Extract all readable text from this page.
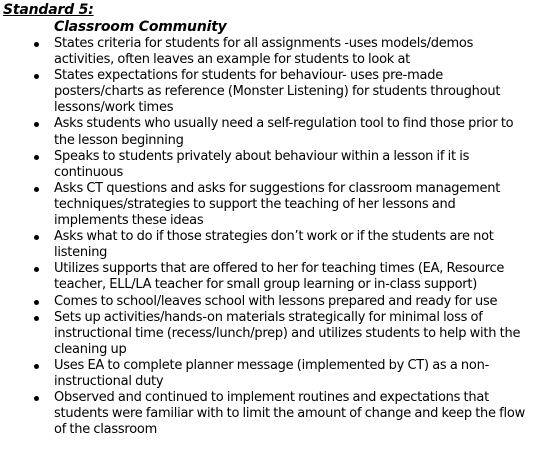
Standard 5:
Classroom Community
States criteria for students for all assignments -uses models/demos activities, often leaves an example for students to look at
States expectations for students for behaviour- uses pre-made posters/charts as reference (Monster Listening) for students throughout lessons/work times
Asks students who usually need a self-regulation tool to find those prior to the lesson beginning
Speaks to students privately about behaviour within a lesson if it is continuous
Asks CT questions and asks for suggestions for classroom management techniques/strategies to support the teaching of her lessons and implements these ideas
Asks what to do if those strategies don’t work or if the students are not listening
Utilizes supports that are offered to her for teaching times (EA, Resource teacher, ELL/LA teacher for small group learning or in-class support)
Comes to school/leaves school with lessons prepared and ready for use
Sets up activities/hands-on materials strategically for minimal loss of instructional time (recess/lunch/prep) and utilizes students to help with the cleaning up
Uses EA to complete planner message (implemented by CT) as a non-instructional duty
Observed and continued to implement routines and expectations that students were familiar with to limit the amount of change and keep the flow of the classroom
